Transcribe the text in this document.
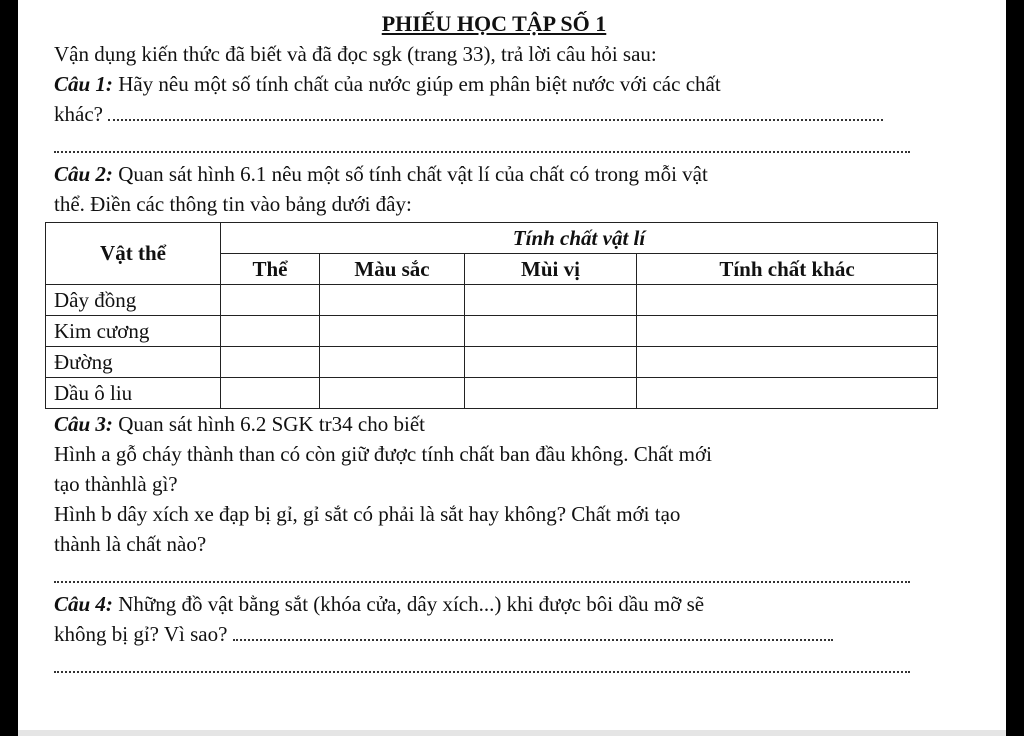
PHIẾU HỌC TẬP SỐ 1
Vận dụng kiến thức đã biết và đã đọc sgk (trang 33), trả lời câu hỏi sau:
Câu 1: Hãy nêu một số tính chất của nước giúp em phân biệt nước với các chất
khác?
Câu 2: Quan sát hình 6.1 nêu một số tính chất vật lí của chất có trong mỗi vật
thể. Điền các thông tin vào bảng dưới đây:
Vật thể	Tính chất vật lí			
	Thể	Màu sắc	Mùi vị	Tính chất khác
Dây đồng				
Kim cương				
Đường				
Dầu ô liu				
Câu 3: Quan sát hình 6.2 SGK tr34 cho biết
Hình a gỗ cháy thành than có còn giữ được tính chất ban đầu không. Chất mới
tạo thànhlà gì?
Hình b dây xích xe đạp bị gỉ, gỉ sắt có phải là sắt hay không? Chất mới tạo
thành là chất nào?
Câu 4: Những đồ vật bằng sắt (khóa cửa, dây xích...) khi được bôi dầu mỡ sẽ
không bị gỉ? Vì sao?
